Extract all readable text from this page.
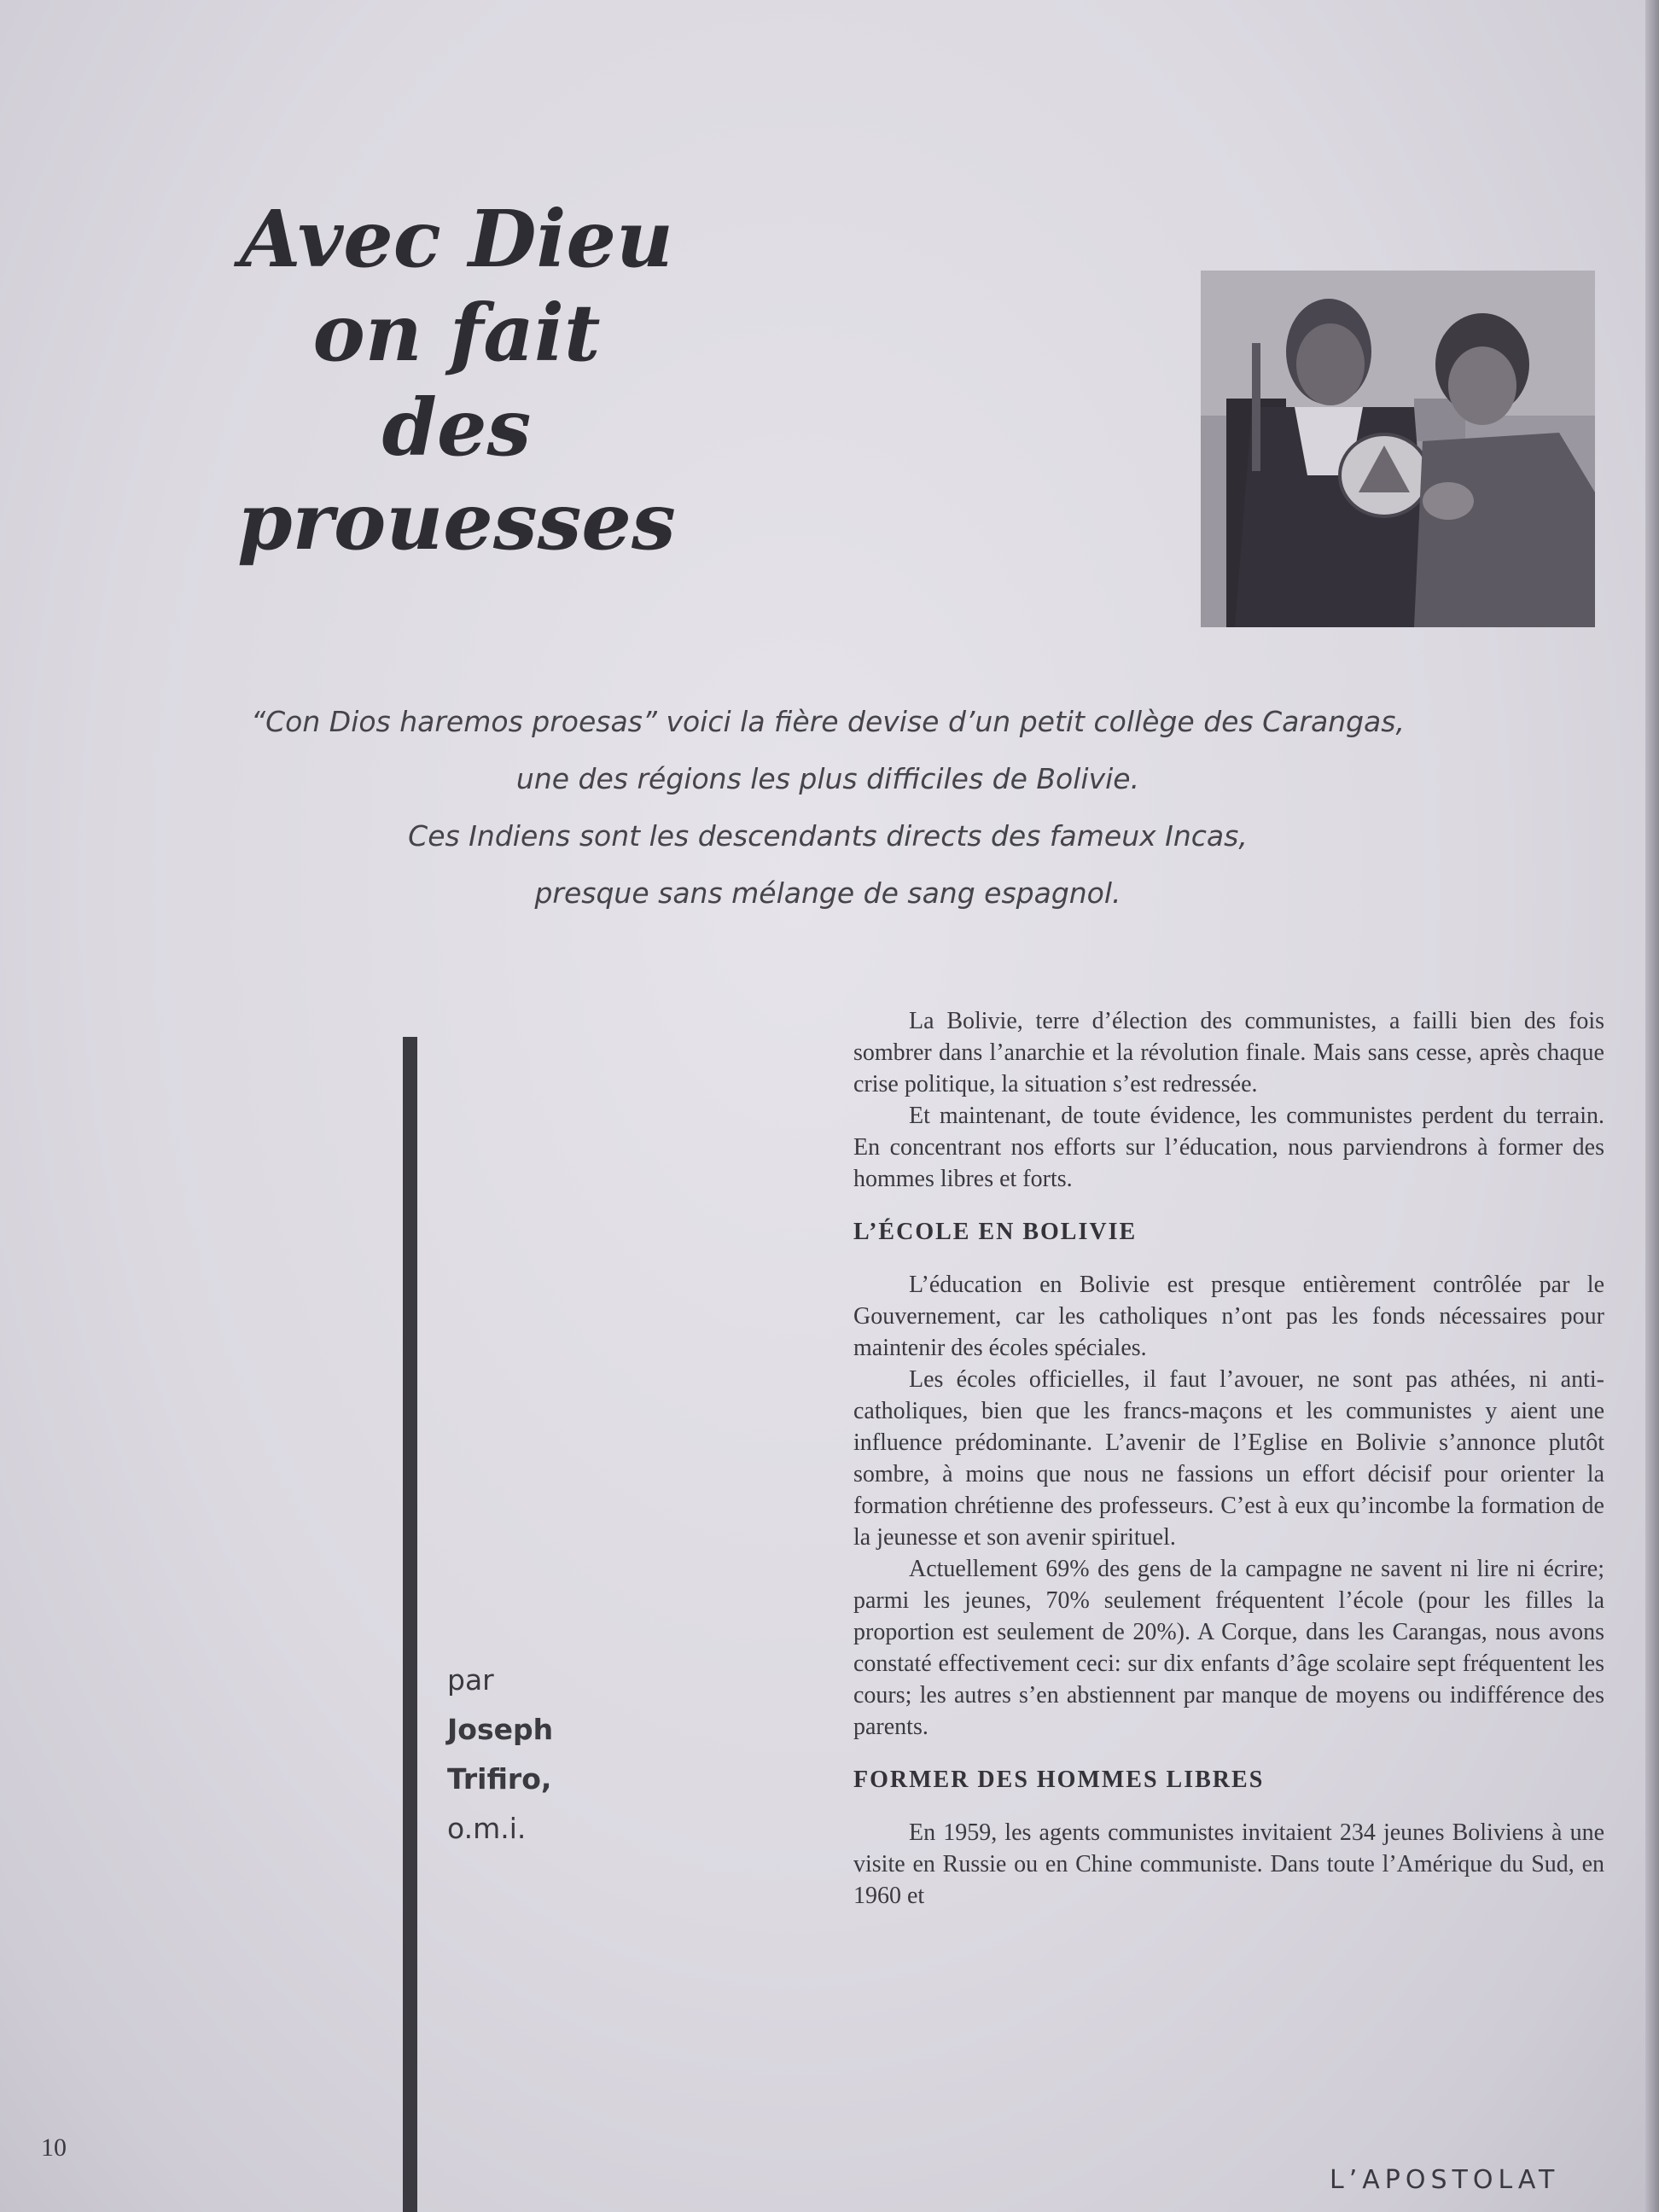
Avec Dieu
on fait
des prouesses
“Con Dios haremos proesas” voici la fière devise d’un petit collège des Carangas,
une des régions les plus difficiles de Bolivie.
Ces Indiens sont les descendants directs des fameux Incas,
presque sans mélange de sang espagnol.
par
Joseph
Trifiro,
o.m.i.

La Bolivie, terre d’élection des communistes, a failli bien des fois sombrer dans l’anarchie et la révolution finale. Mais sans cesse, après chaque crise politique, la situation s’est redressée.

Et maintenant, de toute évidence, les communistes perdent du terrain. En concentrant nos efforts sur l’éducation, nous parviendrons à former des hommes libres et forts.

L’ÉCOLE EN BOLIVIE

L’éducation en Bolivie est presque entièrement contrôlée par le Gouvernement, car les catholiques n’ont pas les fonds nécessaires pour maintenir des écoles spéciales.

Les écoles officielles, il faut l’avouer, ne sont pas athées, ni anti-catholiques, bien que les francs-maçons et les communistes y aient une influence prédominante. L’avenir de l’Eglise en Bolivie s’annonce plutôt sombre, à moins que nous ne fassions un effort décisif pour orienter la formation chrétienne des professeurs. C’est à eux qu’incombe la formation de la jeunesse et son avenir spirituel.

Actuellement 69% des gens de la campagne ne savent ni lire ni écrire; parmi les jeunes, 70% seulement fréquentent l’école (pour les filles la proportion est seulement de 20%). A Corque, dans les Carangas, nous avons constaté effectivement ceci: sur dix enfants d’âge scolaire sept fréquentent les cours; les autres s’en abstiennent par manque de moyens ou indifférence des parents.

FORMER DES HOMMES LIBRES

En 1959, les agents communistes invitaient 234 jeunes Boliviens à une visite en Russie ou en Chine communiste. Dans toute l’Amérique du Sud, en 1960 et

10
L’APOSTOLAT
